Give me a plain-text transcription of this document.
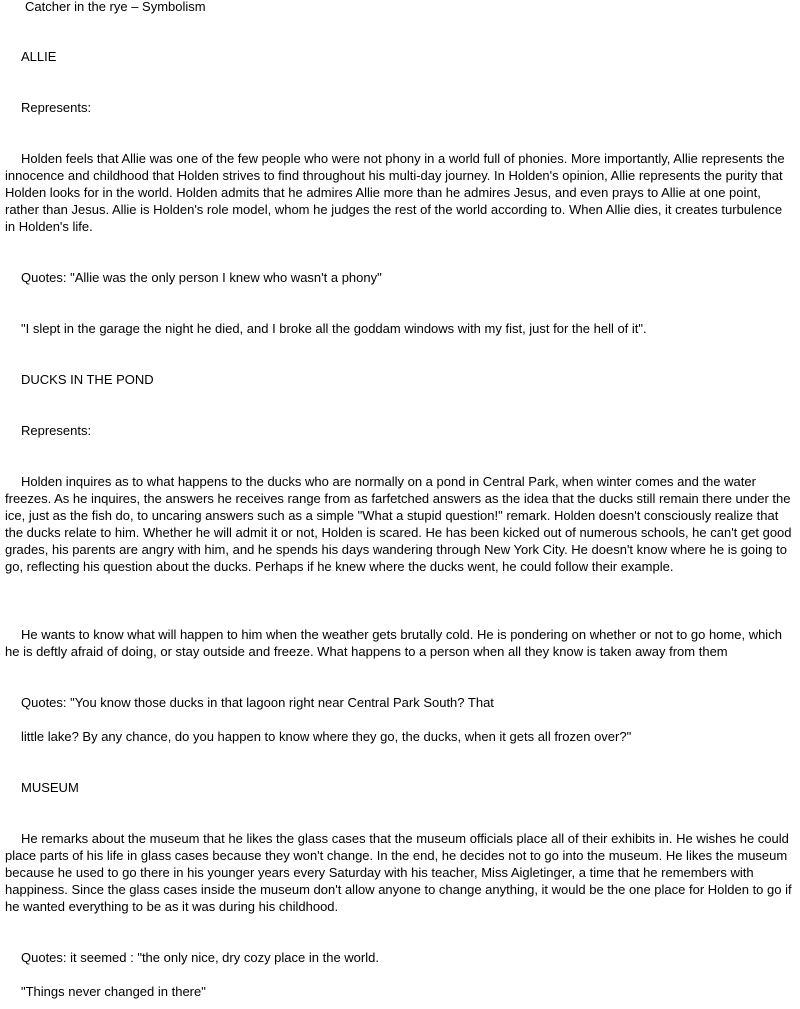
Catcher in the rye – Symbolism
ALLIE
Represents:
Holden feels that Allie was one of the few people who were not phony in a world full of phonies. More importantly, Allie represents the innocence and childhood that Holden strives to find throughout his multi-day journey. In Holden's opinion, Allie represents the purity that Holden looks for in the world. Holden admits that he admires Allie more than he admires Jesus, and even prays to Allie at one point, rather than Jesus. Allie is Holden's role model, whom he judges the rest of the world according to. When Allie dies, it creates turbulence in Holden's life.
Quotes: "Allie was the only person I knew who wasn't a phony"
"I slept in the garage the night he died, and I broke all the goddam windows with my fist, just for the hell of it".
DUCKS IN THE POND
Represents:
Holden inquires as to what happens to the ducks who are normally on a pond in Central Park, when winter comes and the water freezes. As he inquires, the answers he receives range from as farfetched answers as the idea that the ducks still remain there under the ice, just as the fish do, to uncaring answers such as a simple "What a stupid question!" remark. Holden doesn't consciously realize that the ducks relate to him. Whether he will admit it or not, Holden is scared. He has been kicked out of numerous schools, he can't get good grades, his parents are angry with him, and he spends his days wandering through New York City. He doesn't know where he is going to go, reflecting his question about the ducks. Perhaps if he knew where the ducks went, he could follow their example.
He wants to know what will happen to him when the weather gets brutally cold. He is pondering on whether or not to go home, which he is deftly afraid of doing, or stay outside and freeze. What happens to a person when all they know is taken away from them
Quotes: "You know those ducks in that lagoon right near Central Park South? That
little lake? By any chance, do you happen to know where they go, the ducks, when it gets all frozen over?"
MUSEUM
He remarks about the museum that he likes the glass cases that the museum officials place all of their exhibits in. He wishes he could place parts of his life in glass cases because they won't change. In the end, he decides not to go into the museum. He likes the museum because he used to go there in his younger years every Saturday with his teacher, Miss Aigletinger, a time that he remembers with happiness. Since the glass cases inside the museum don't allow anyone to change anything, it would be the one place for Holden to go if he wanted everything to be as it was during his childhood.
Quotes: it seemed : "the only nice, dry cozy place in the world.
"Things never changed in there"
